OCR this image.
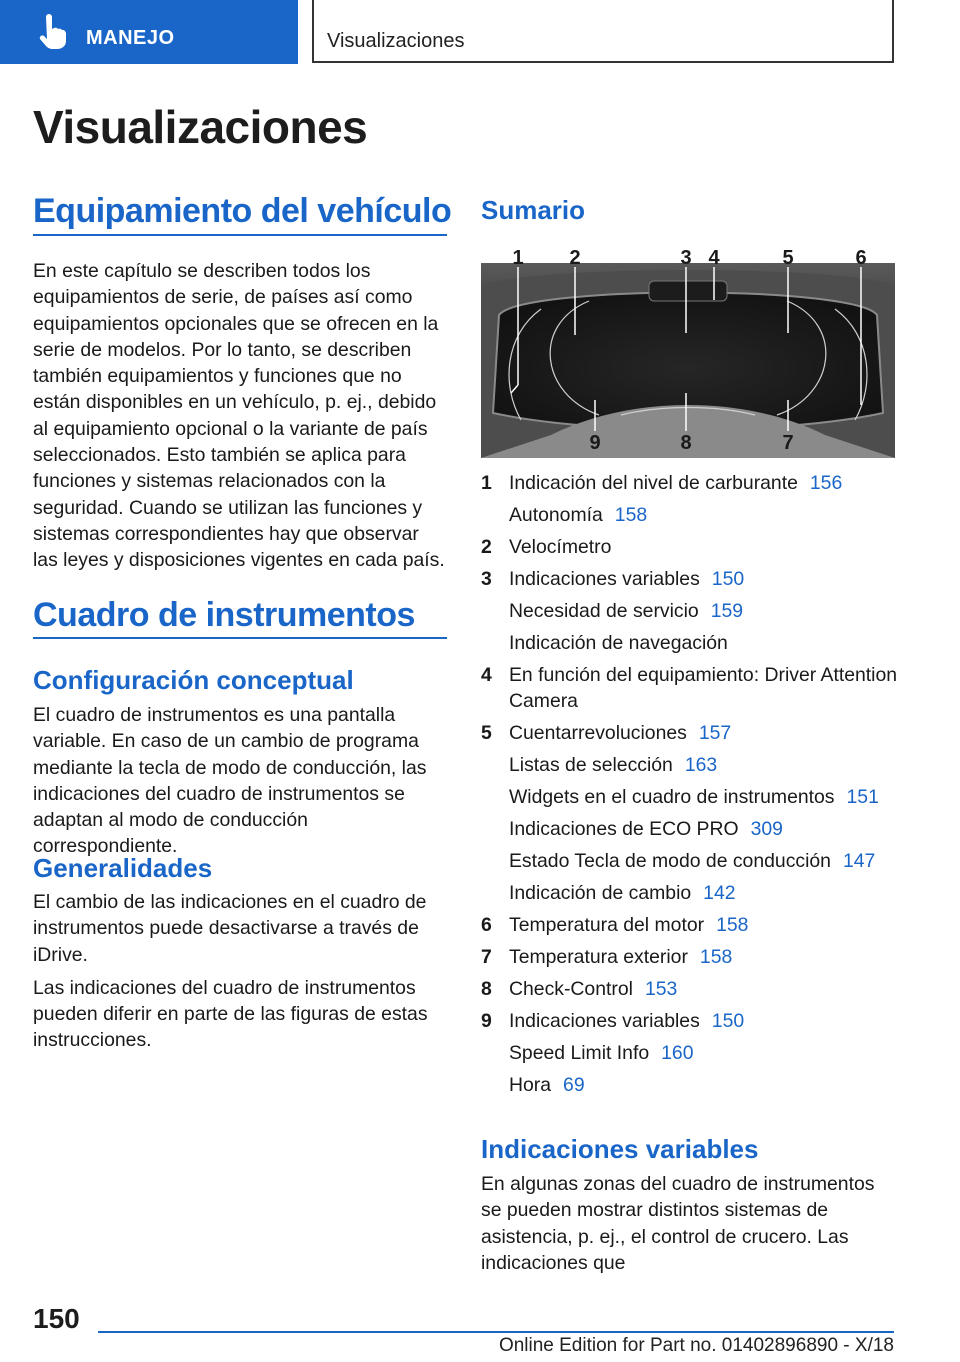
MANEJO	Visualizaciones
Visualizaciones
Equipamiento del vehículo

En este capítulo se describen todos los equipamientos de serie, de países así como equipamientos opcionales que se ofrecen en la serie de modelos. Por lo tanto, se describen también equipamientos y funciones que no están disponibles en un vehículo, p. ej., debido al equipamiento opcional o la variante de país seleccionados. Esto también se aplica para funciones y sistemas relacionados con la seguridad. Cuando se utilizan las funciones y sistemas correspondientes hay que observar las leyes y disposiciones vigentes en cada país.

Cuadro de instrumentos
Configuración conceptual

El cuadro de instrumentos es una pantalla variable. En caso de un cambio de programa mediante la tecla de modo de conducción, las indicaciones del cuadro de instrumentos se adaptan al modo de conducción correspondiente.

Generalidades

El cambio de las indicaciones en el cuadro de instrumentos puede desactivarse a través de iDrive.

Las indicaciones del cuadro de instrumentos pueden diferir en parte de las figuras de estas instrucciones.

Sumario
1 2	3 4	5	6
9	8	7
1 Indicación del nivel de carburante 156
Autonomía 158
2 Velocímetro
3 Indicaciones variables 150
Necesidad de servicio 159
Indicación de navegación
4 En función del equipamiento: Driver Attention Camera
5 Cuentarrevoluciones 157
Listas de selección 163
Widgets en el cuadro de instrumentos 151
Indicaciones de ECO PRO 309
Estado Tecla de modo de conducción 147
Indicación de cambio 142
6 Temperatura del motor 158
7 Temperatura exterior 158
8 Check-Control 153
9 Indicaciones variables 150
Speed Limit Info 160
Hora 69
Indicaciones variables

En algunas zonas del cuadro de instrumentos se pueden mostrar distintos sistemas de asistencia, p. ej., el control de crucero. Las indicaciones que

150
Online Edition for Part no. 01402896890 - X/18
